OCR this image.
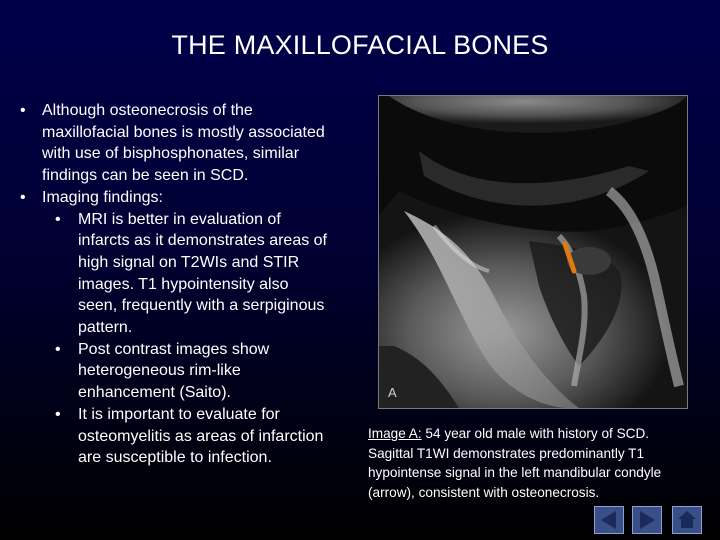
THE MAXILLOFACIAL BONES
• Although osteonecrosis of the
maxillofacial bones is mostly associated
with use of bisphosphonates, similar
findings can be seen in SCD.
• Imaging findings:
• MRI is better in evaluation of
infarcts as it demonstrates areas of
high signal on T2WIs and STIR
images. T1 hypointensity also
seen, frequently with a serpiginous
pattern.
• Post contrast images show
heterogeneous rim-like
enhancement (Saito).
• It is important to evaluate for
osteomyelitis as areas of infarction
are susceptible to infection.
A
Image A: 54 year old male with history of SCD.
Sagittal T1WI demonstrates predominantly T1
hypointense signal in the left mandibular condyle
(arrow), consistent with osteonecrosis.
